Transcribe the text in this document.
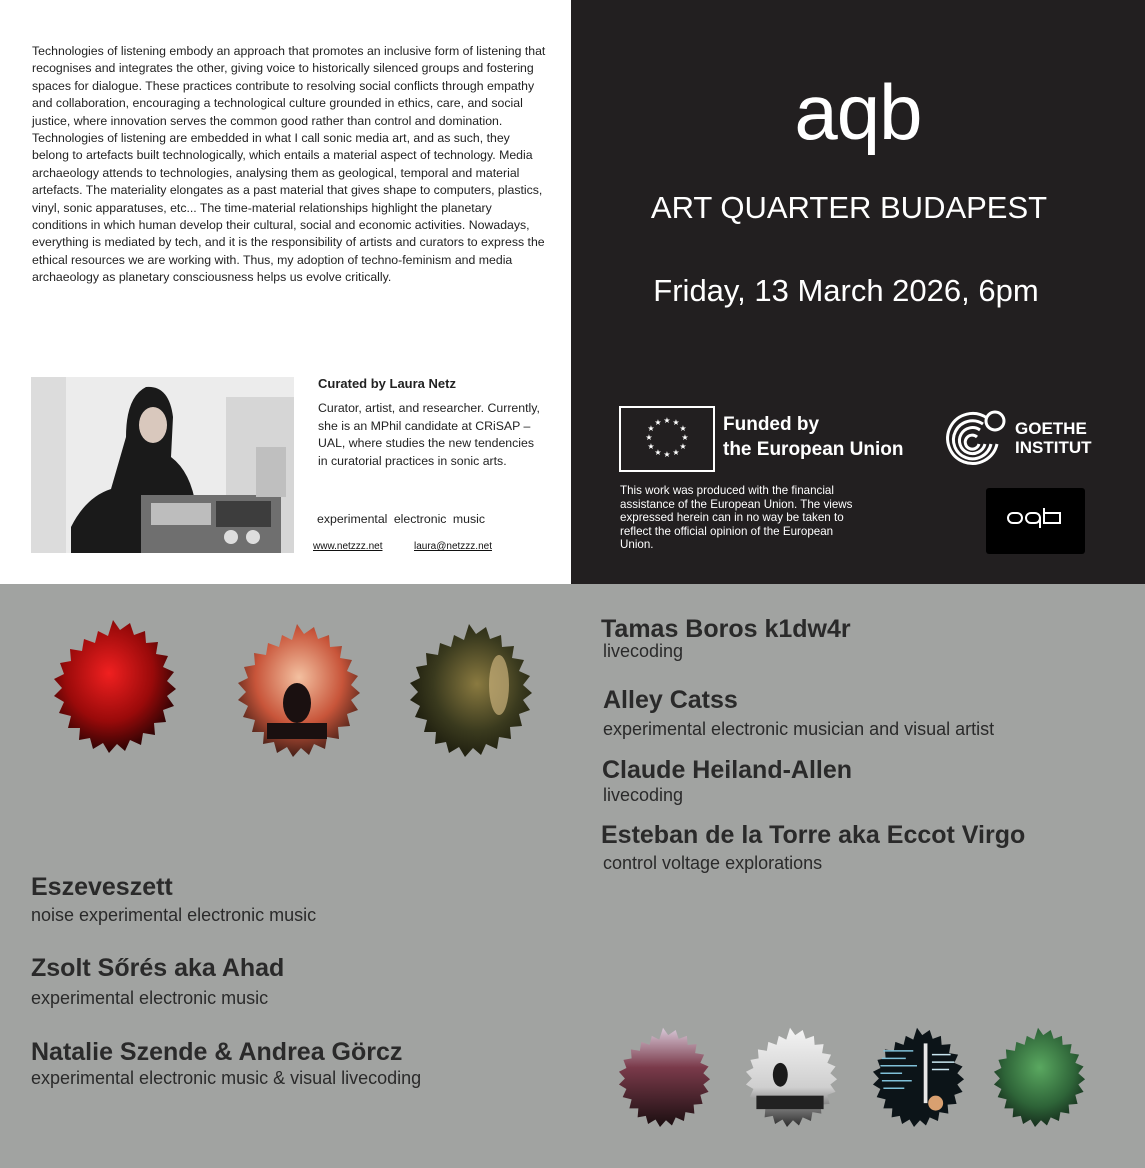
Technologies of listening embody an approach that promotes an inclusive form of listening that recognises and integrates the other, giving voice to historically silenced groups and fostering spaces for dialogue. These practices contribute to resolving social conflicts through empathy and collaboration, encouraging a technological culture grounded in ethics, care, and social justice, where innovation serves the common good rather than control and domination. Technologies of listening are embedded in what I call sonic media art, and as such, they belong to artefacts built technologically, which entails a material aspect of technology. Media archaeology attends to technologies, analysing them as geological, temporal and material artefacts. The materiality elongates as a past material that gives shape to computers, plastics, vinyl, sonic apparatuses, etc... The time-material relationships highlight the planetary conditions in which human develop their cultural, social and economic activities. Nowadays, everything is mediated by tech, and it is the responsibility of artists and curators to express the ethical resources we are working with. Thus, my adoption of techno-feminism and media archaeology as planetary consciousness helps us evolve critically.

Curated by Laura Netz

Curator, artist, and researcher. Currently, she is an MPhil candidate at CRiSAP – UAL, where studies the new tendencies in curatorial practices in sonic arts.

experimental electronic music
www.netzzz.net	laura@netzzz.net
aqb
ART QUARTER BUDAPEST
Friday, 13 March 2026, 6pm
★ ★
★
★
★
★
★
★
★
★
★
★	Funded by
the European Union

This work was produced with the financial assistance of the European Union. The views expressed herein can in no way be taken to reflect the official opinion of the European Union.

GOETHE
INSTITUT

Tamas Boros k1dw4r

livecoding

Alley Catss

experimental electronic musician and visual artist

Claude Heiland-Allen

livecoding

Esteban de la Torre aka Eccot Virgo

control voltage explorations

Eszeveszett

noise experimental electronic music

Zsolt Sőrés aka Ahad

experimental electronic music

Natalie Szende & Andrea Görcz

experimental electronic music & visual livecoding
